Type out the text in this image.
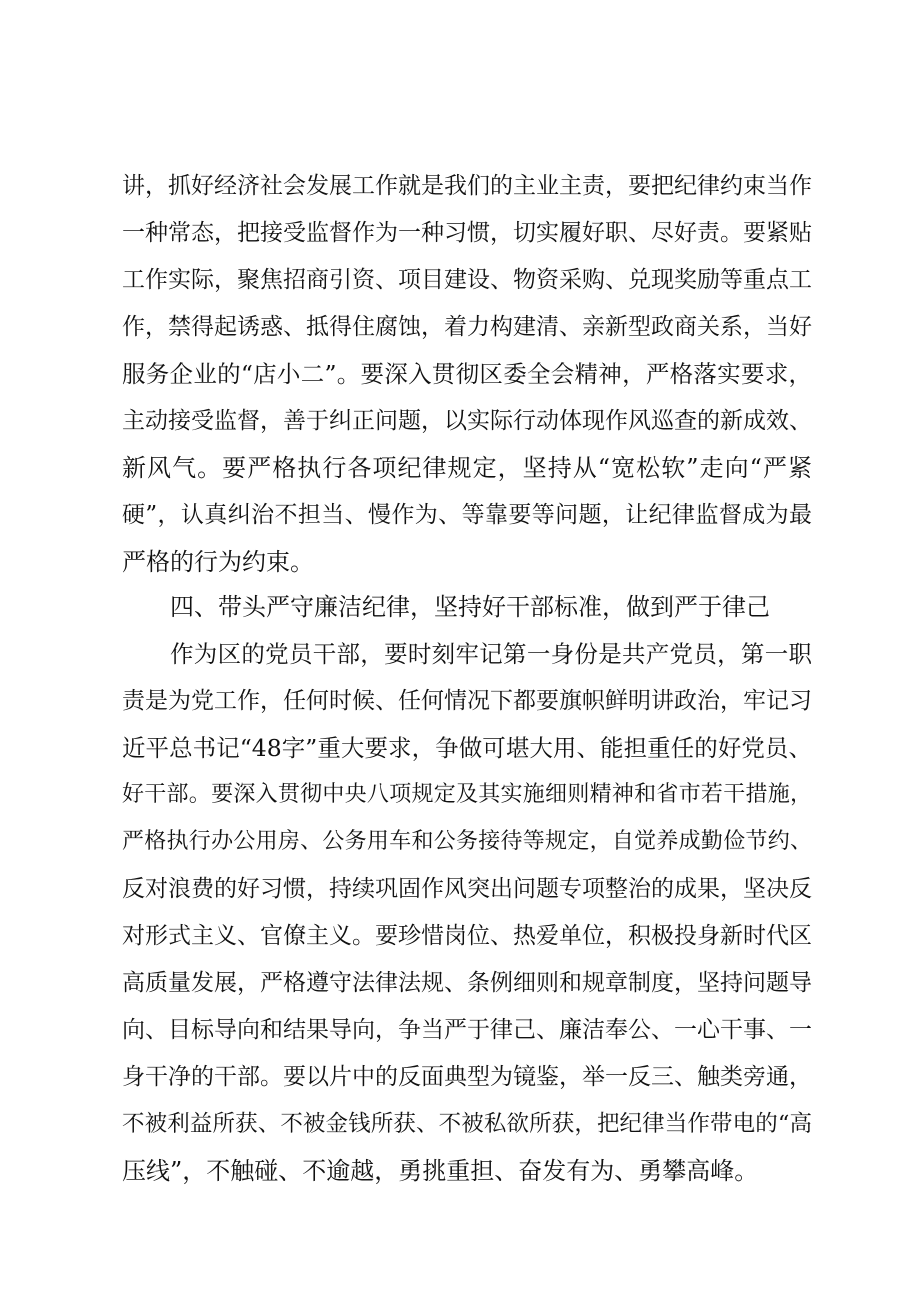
讲，抓好经济社会发展工作就是我们的主业主责，要把纪律约束当作
一种常态，把接受监督作为一种习惯，切实履好职、尽好责。要紧贴
工作实际，聚焦招商引资、项目建设、物资采购、兑现奖励等重点工
作，禁得起诱惑、抵得住腐蚀，着力构建清、亲新型政商关系，当好
服务企业的“店小二”。要深入贯彻区委全会精神，严格落实要求，
主动接受监督，善于纠正问题，以实际行动体现作风巡查的新成效、
新风气。要严格执行各项纪律规定，坚持从“宽松软”走向“严紧
硬”，认真纠治不担当、慢作为、等靠要等问题，让纪律监督成为最
严格的行为约束。
四、带头严守廉洁纪律，坚持好干部标准，做到严于律己
作为区的党员干部，要时刻牢记第一身份是共产党员，第一职
责是为党工作，任何时候、任何情况下都要旗帜鲜明讲政治，牢记习
近平总书记“48字”重大要求，争做可堪大用、能担重任的好党员、
好干部。要深入贯彻中央八项规定及其实施细则精神和省市若干措施，
严格执行办公用房、公务用车和公务接待等规定，自觉养成勤俭节约、
反对浪费的好习惯，持续巩固作风突出问题专项整治的成果，坚决反
对形式主义、官僚主义。要珍惜岗位、热爱单位，积极投身新时代区
高质量发展，严格遵守法律法规、条例细则和规章制度，坚持问题导
向、目标导向和结果导向，争当严于律己、廉洁奉公、一心干事、一
身干净的干部。要以片中的反面典型为镜鉴，举一反三、触类旁通，
不被利益所获、不被金钱所获、不被私欲所获，把纪律当作带电的“高
压线”，不触碰、不逾越，勇挑重担、奋发有为、勇攀高峰。
